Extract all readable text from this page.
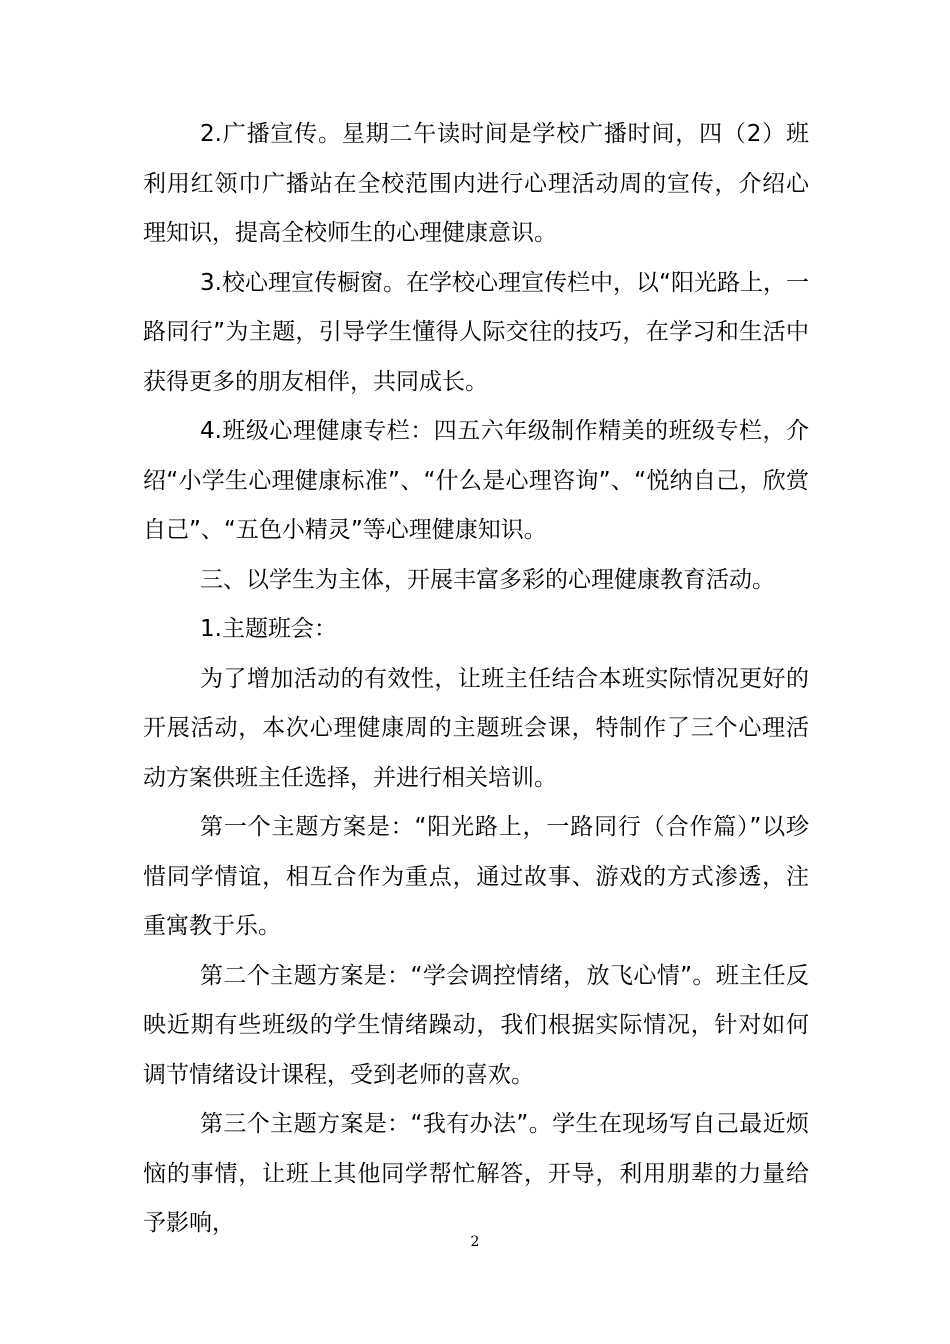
2.广播宣传。星期二午读时间是学校广播时间，四（2）班利用红领巾广播站在全校范围内进行心理活动周的宣传，介绍心理知识，提高全校师生的心理健康意识。

3.校心理宣传橱窗。在学校心理宣传栏中，以“阳光路上，一路同行”为主题，引导学生懂得人际交往的技巧，在学习和生活中获得更多的朋友相伴，共同成长。

4.班级心理健康专栏：四五六年级制作精美的班级专栏，介绍“小学生心理健康标准”、“什么是心理咨询”、“悦纳自己，欣赏自己”、“五色小精灵”等心理健康知识。

三、以学生为主体，开展丰富多彩的心理健康教育活动。

1.主题班会：

为了增加活动的有效性，让班主任结合本班实际情况更好的开展活动，本次心理健康周的主题班会课，特制作了三个心理活动方案供班主任选择，并进行相关培训。

第一个主题方案是：“阳光路上，一路同行（合作篇）”以珍惜同学情谊，相互合作为重点，通过故事、游戏的方式渗透，注重寓教于乐。

第二个主题方案是：“学会调控情绪，放飞心情”。班主任反映近期有些班级的学生情绪躁动，我们根据实际情况，针对如何调节情绪设计课程，受到老师的喜欢。

第三个主题方案是：“我有办法”。学生在现场写自己最近烦恼的事情，让班上其他同学帮忙解答，开导，利用朋辈的力量给予影响，

2
